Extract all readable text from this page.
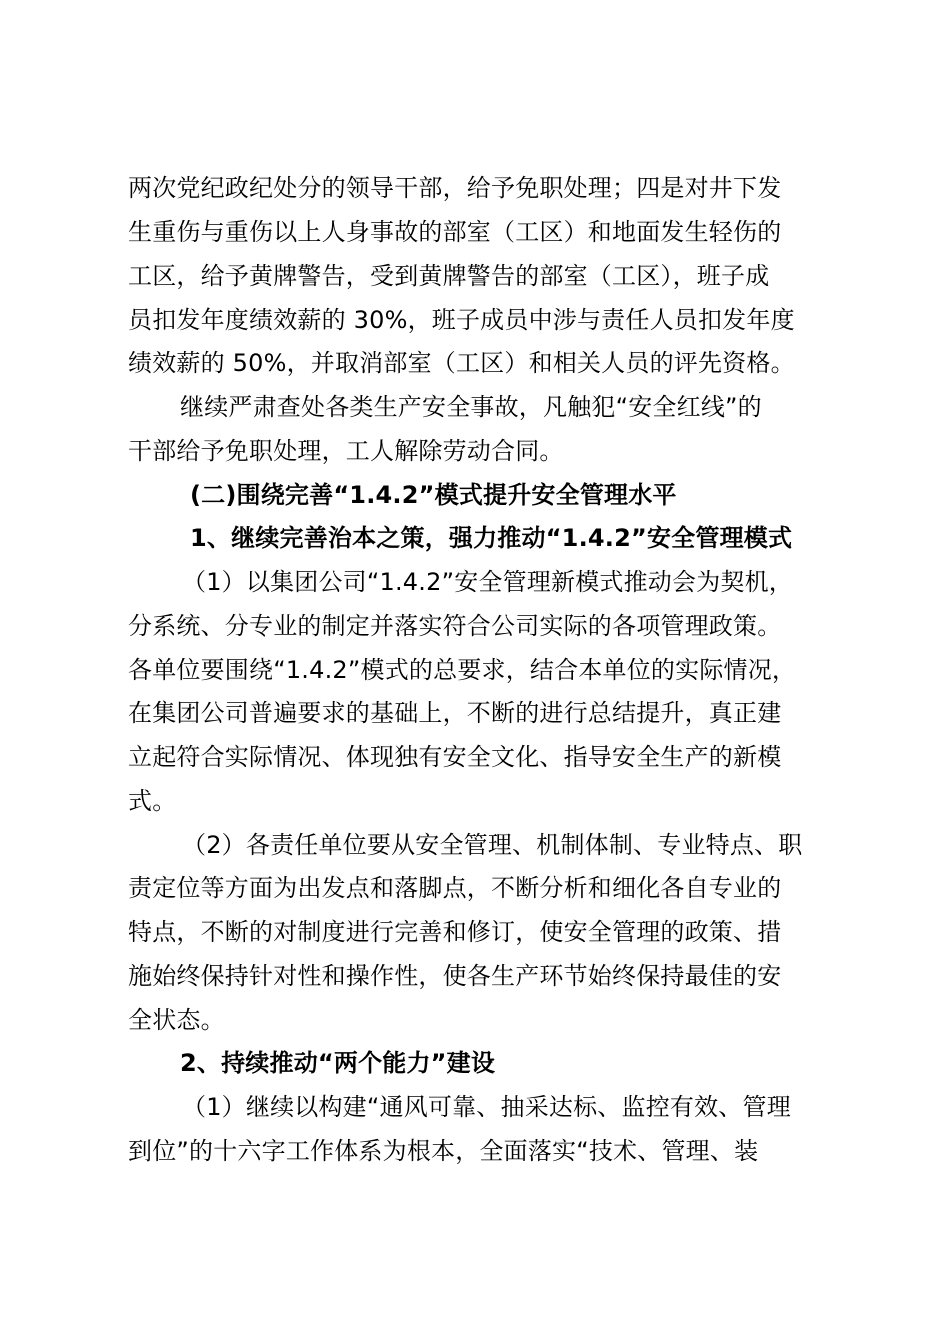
两次党纪政纪处分的领导干部，给予免职处理；四是对井下发
生重伤与重伤以上人身事故的部室（工区）和地面发生轻伤的
工区，给予黄牌警告，受到黄牌警告的部室（工区），班子成
员扣发年度绩效薪的 30%，班子成员中涉与责任人员扣发年度
绩效薪的 50%，并取消部室（工区）和相关人员的评先资格。
继续严肃查处各类生产安全事故，凡触犯“安全红线”的
干部给予免职处理，工人解除劳动合同。
(二)围绕完善“1.4.2”模式提升安全管理水平
1、继续完善治本之策，强力推动“1.4.2”安全管理模式
（1）以集团公司“1.4.2”安全管理新模式推动会为契机，
分系统、分专业的制定并落实符合公司实际的各项管理政策。
各单位要围绕“1.4.2”模式的总要求，结合本单位的实际情况，
在集团公司普遍要求的基础上，不断的进行总结提升，真正建
立起符合实际情况、体现独有安全文化、指导安全生产的新模
式。
（2）各责任单位要从安全管理、机制体制、专业特点、职
责定位等方面为出发点和落脚点，不断分析和细化各自专业的
特点，不断的对制度进行完善和修订，使安全管理的政策、措
施始终保持针对性和操作性，使各生产环节始终保持最佳的安
全状态。
2、持续推动“两个能力”建设
（1）继续以构建“通风可靠、抽采达标、监控有效、管理
到位”的十六字工作体系为根本，全面落实“技术、管理、装
